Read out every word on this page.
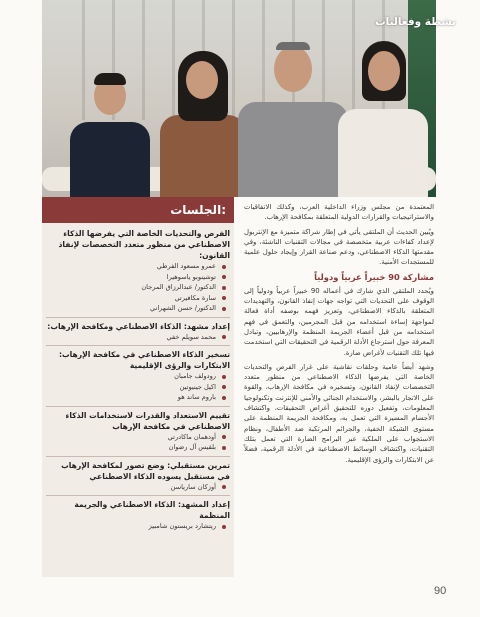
نشطة وفعاليات
الجلسات:
الفرص والتحديات الخاصة التي يفرضها الذكاء الاصطناعي من منظور متعدد التخصصات لإنفاذ القانون:
عمرو مسعود الفرطي
توشينوبو ياسوهيرا
الدكتور/ عبدالرزاق المرجان
سارة مكافيرتي
الدكتور/ حسن الشهراني
إعداد مشهد: الذكاء الاصطناعي ومكافحة الإرهاب:
محمد سويلم خفي
تسخير الذكاء الاصطناعي في مكافحة الإرهاب: الابتكارات والرؤى الإقليمية
رودولف جامبان
اكيل جينيوتين
باروم ساند هو
تقييم الاستعداد والقدرات لاستخدامات الذكاء الاصطناعي في مكافحة الإرهاب
أودهمان ماكادرتي
بلقيس آل رضوان
تمرين مستقبلي: وضع تصور لمكافحة الإرهاب في مستقبل يسوده الذكاء الاصطناعي
أوزكان سارياسن
إعداد المشهد: الذكاء الاصطناعي والجريمة المنظمة
ريتشارد بريستون شامبيز

المعتمدة من مجلس وزراء الداخلية العرب، وكذلك الاتفاقيات والاستراتيجيات والقرارات الدولية المتعلقة بمكافحة الإرهاب.

ويُبين الحديث أن الملتقى يأتي في إطار شراكة متميزة مع الإنتربول لإعداد كفاءات عربية متخصصة في مجالات التقنيات الناشئة، وفي مقدمتها الذكاء الاصطناعي، ودعم صناعة القرار وإيجاد حلول علمية للمستجدات الأمنية.

مشاركة 90 خبيراً عربياً ودولياً

ويُحدد الملتقى الذي شارك في أعماله 90 خبيراً عربياً ودولياً إلى الوقوف على التحديات التي تواجه جهات إنفاذ القانون، والتهديدات المتعلقة بالذكاء الاصطناعي، وتعزيز فهمه بوصفه أداة فعالة لمواجهة إساءة استخدامه من قبل المجرمين، والتعمق في فهم استخدامه من قبل أعضاء الجريمة المنظمة والإرهابيين، وتبادل المعرفة حول استرجاع الأدلة الرقمية في التحقيقات التي استخدمت فيها تلك التقنيات لأغراض ضارة.

وشهد أيضاً عامية وحلقات نقاشية على غرار الفرص والتحديات الخاصة التي يفرضها الذكاء الاصطناعي من منظور متعدد التخصصات لإنفاذ القانون، وتسخيره في مكافحة الإرهاب، والقوة على الاتجار بالبشر، والاستخدام الجنائي والأمني للإنترنت وتكنولوجيا المعلومات، وتفعيل دوره للتحقيق أغراض التحقيقات، واكتشاف الأجسام المسيرة التي تعمل به، ومكافحة الجريمة المنظمة على مستوى الشبكة الخفية، والجرائم المرتكبة ضد الأطفال، ونظام الاستجواب على الملكية عبر البرامج الضارة التي تعمل بتلك التقنيات، واكتشاف الوسائط الاصطناعية في الأدلة الرقمية، فضلاً عن الابتكارات والرؤى الإقليمية.

90
